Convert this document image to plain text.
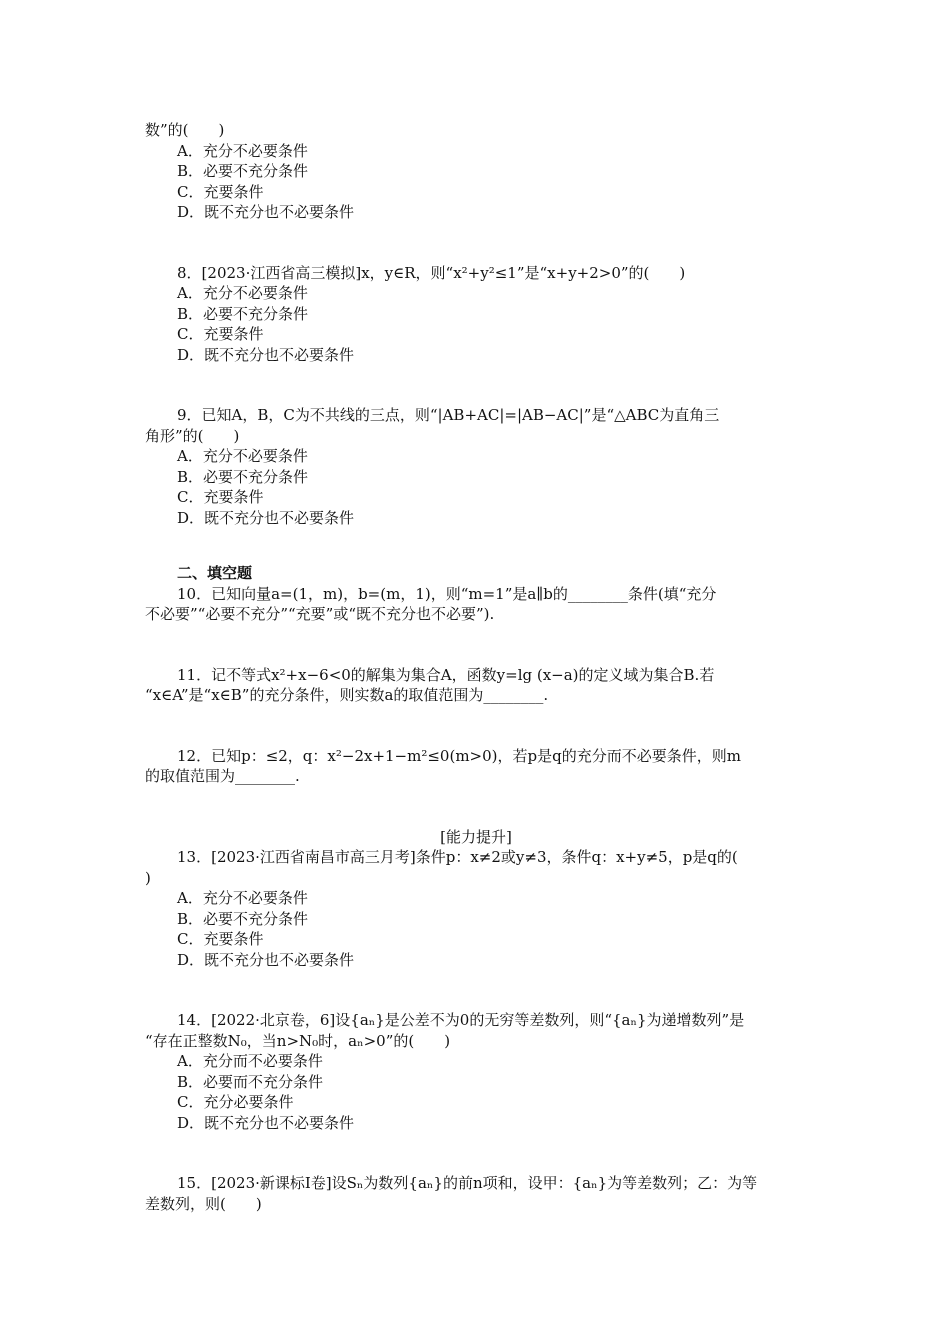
数”的(　　)
A．充分不必要条件
B．必要不充分条件
C．充要条件
D．既不充分也不必要条件
8．[2023·江西省高三模拟]x，y∈R，则“x²+y²≤1”是“x+y+2>0”的(　　)
A．充分不必要条件
B．必要不充分条件
C．充要条件
D．既不充分也不必要条件
9．已知A，B，C为不共线的三点，则“|AB+AC|=|AB−AC|”是“△ABC为直角三
角形”的(　　)
A．充分不必要条件
B．必要不充分条件
C．充要条件
D．既不充分也不必要条件
二、填空题
10．已知向量a=(1，m)，b=(m，1)，则“m=1”是a∥b的________条件(填“充分
不必要”“必要不充分”“充要”或“既不充分也不必要”).
11．记不等式x²+x−6<0的解集为集合A，函数y=lg (x−a)的定义域为集合B.若
“x∈A”是“x∈B”的充分条件，则实数a的取值范围为________.
12．已知p：≤2，q：x²−2x+1−m²≤0(m>0)，若p是q的充分而不必要条件，则m
的取值范围为________.
[能力提升]
13．[2023·江西省南昌市高三月考]条件p：x≠2或y≠3，条件q：x+y≠5，p是q的(
)
A．充分不必要条件
B．必要不充分条件
C．充要条件
D．既不充分也不必要条件
14．[2022·北京卷，6]设{aₙ}是公差不为0的无穷等差数列，则“{aₙ}为递增数列”是
“存在正整数N₀，当n>N₀时，aₙ>0”的(　　)
A．充分而不必要条件
B．必要而不充分条件
C．充分必要条件
D．既不充分也不必要条件
15．[2023·新课标Ⅰ卷]设Sₙ为数列{aₙ}的前n项和，设甲：{aₙ}为等差数列；乙：为等
差数列，则(　　)
